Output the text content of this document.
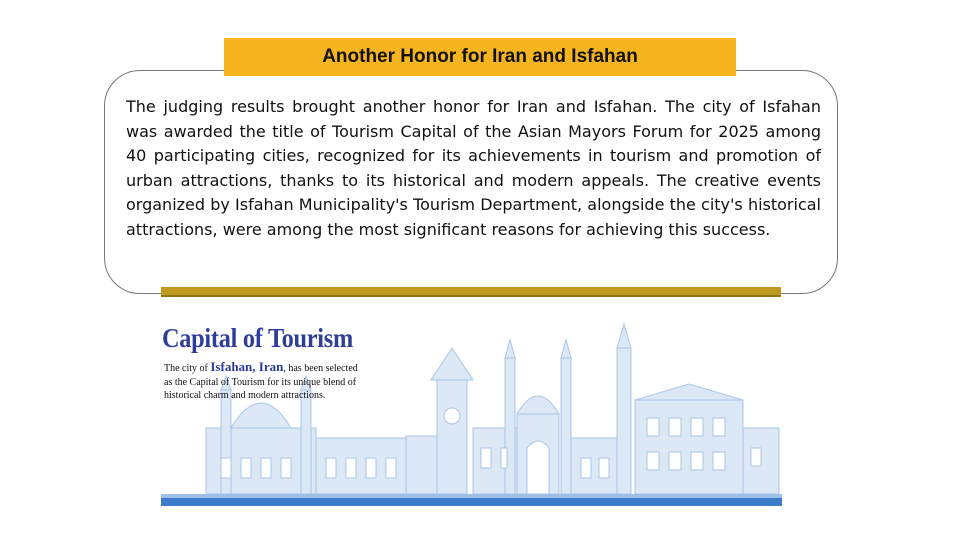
Another Honor for Iran and Isfahan

The judging results brought another honor for Iran and Isfahan. The city of Isfahan was awarded the title of Tourism Capital of the Asian Mayors Forum for 2025 among 40 participating cities, recognized for its achievements in tourism and promotion of urban attractions, thanks to its historical and modern appeals. The creative events organized by Isfahan Municipality's Tourism Department, alongside the city's historical attractions, were among the most significant reasons for achieving this success.

Capital of Tourism
The city of Isfahan, Iran, has been selected as the Capital of Tourism for its unique blend of historical charm and modern attractions.
